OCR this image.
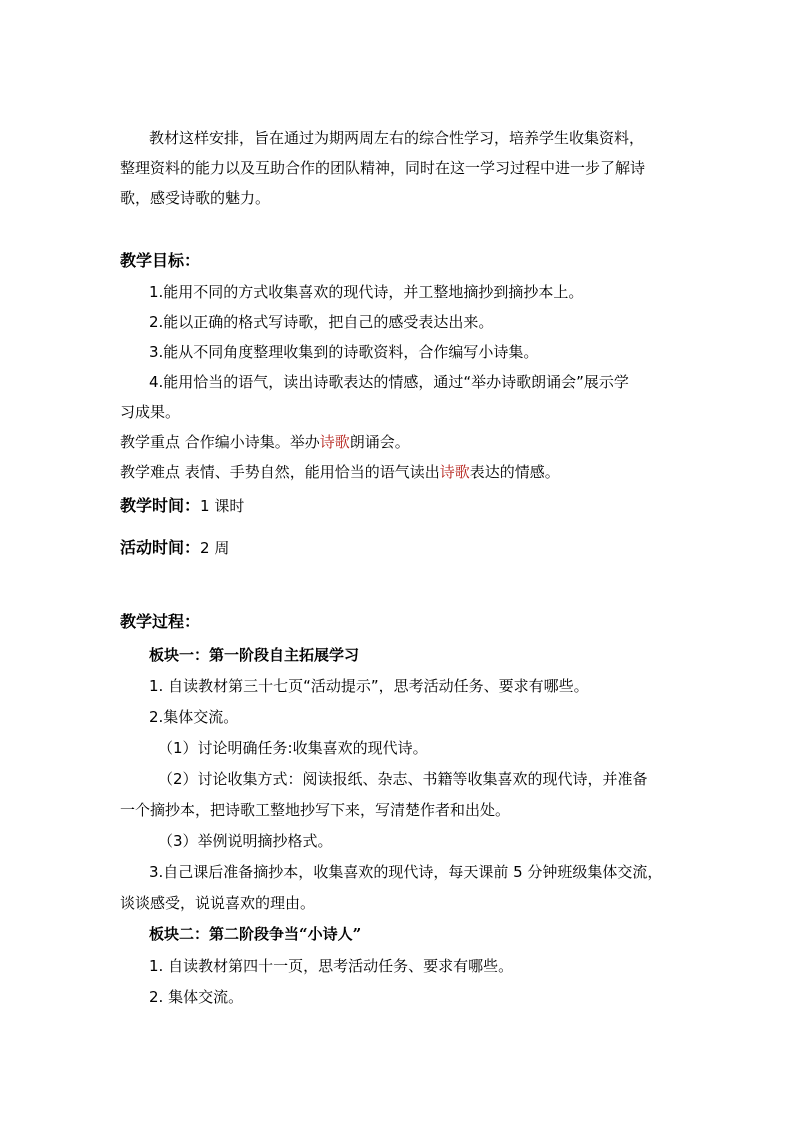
教材这样安排，旨在通过为期两周左右的综合性学习，培养学生收集资料，
整理资料的能力以及互助合作的团队精神，同时在这一学习过程中进一步了解诗
歌，感受诗歌的魅力。
教学目标：
1.能用不同的方式收集喜欢的现代诗，并工整地摘抄到摘抄本上。
2.能以正确的格式写诗歌，把自己的感受表达出来。
3.能从不同角度整理收集到的诗歌资料，合作编写小诗集。
4.能用恰当的语气，读出诗歌表达的情感，通过“举办诗歌朗诵会”展示学
习成果。
教学重点 合作编小诗集。举办诗歌朗诵会。
教学难点 表情、手势自然，能用恰当的语气读出诗歌表达的情感。
教学时间：1 课时
活动时间：2 周
教学过程：
板块一：第一阶段自主拓展学习
1. 自读教材第三十七页“活动提示”，思考活动任务、要求有哪些。
2.集体交流。
（1）讨论明确任务:收集喜欢的现代诗。
（2）讨论收集方式：阅读报纸、杂志、书籍等收集喜欢的现代诗，并准备
一个摘抄本，把诗歌工整地抄写下来，写清楚作者和出处。
（3）举例说明摘抄格式。
3.自己课后准备摘抄本，收集喜欢的现代诗，每天课前 5 分钟班级集体交流，
谈谈感受，说说喜欢的理由。
板块二：第二阶段争当“小诗人”
1. 自读教材第四十一页，思考活动任务、要求有哪些。
2. 集体交流。
